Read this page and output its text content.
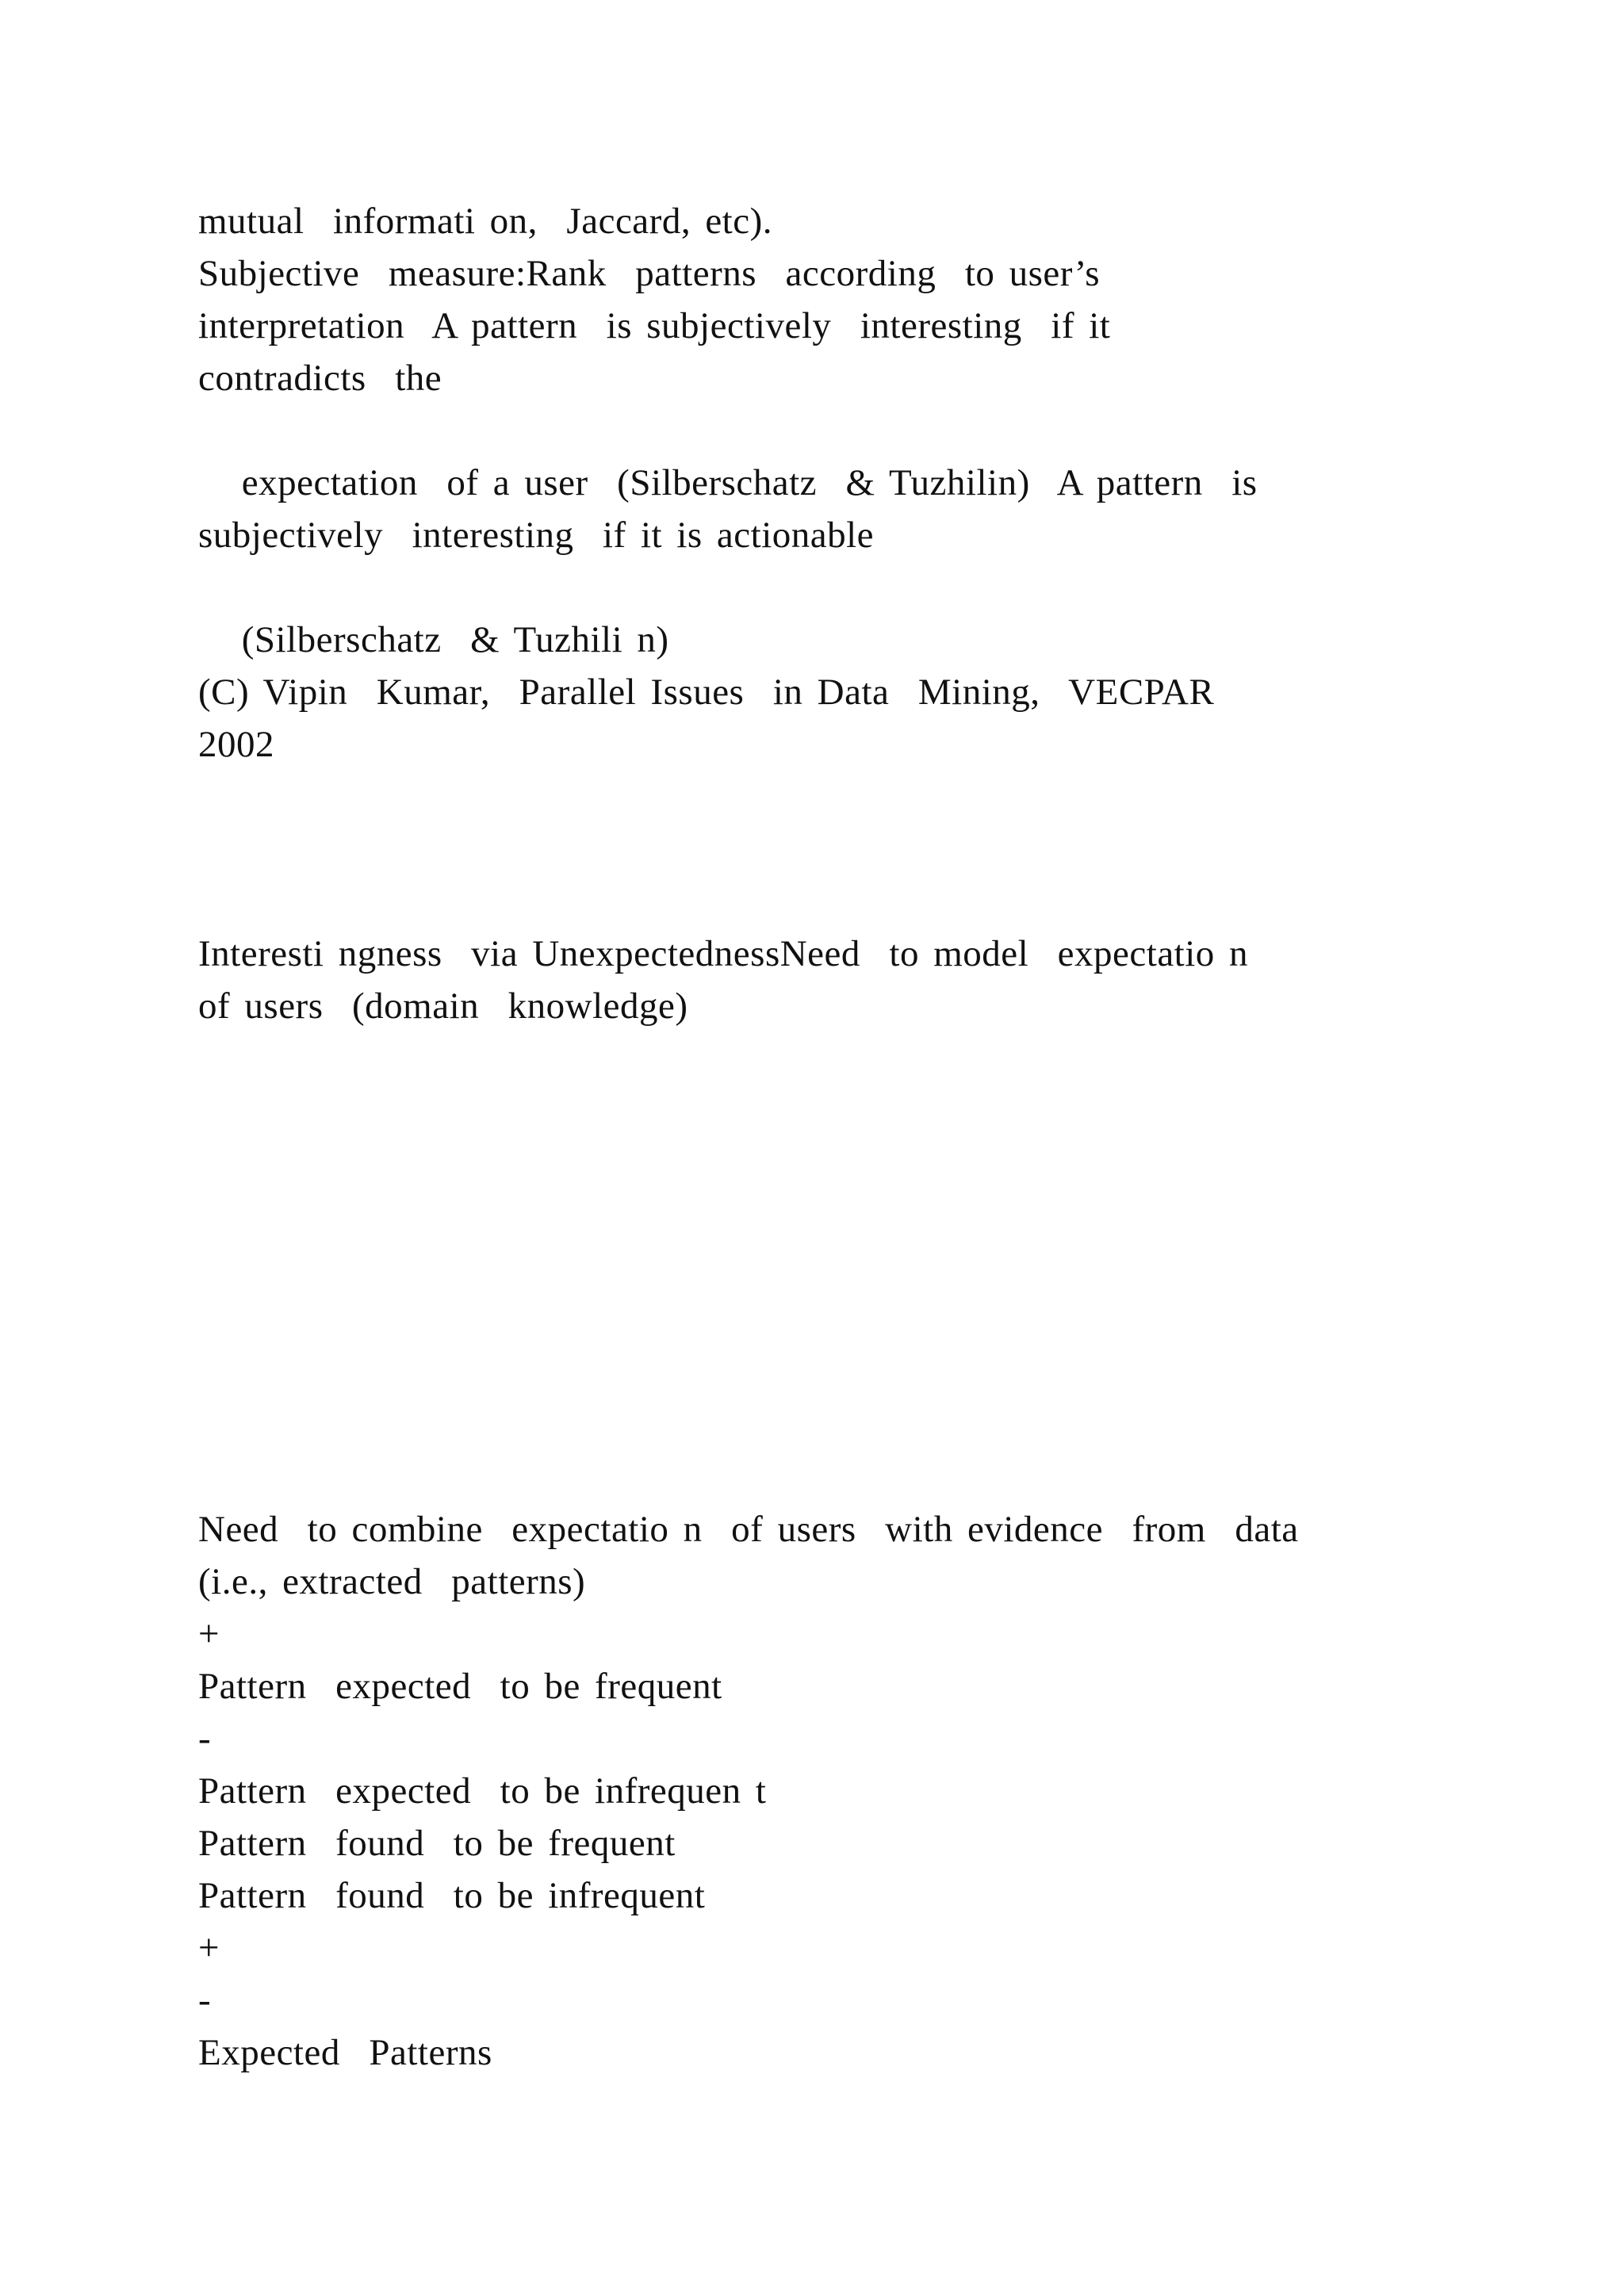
mutual  informati on,  Jaccard, etc).
Subjective  measure:Rank  patterns  according  to user’s
interpretation  A pattern  is subjectively  interesting  if it
contradicts  the
expectation  of a user  (Silberschatz  & Tuzhilin)  A pattern  is
subjectively  interesting  if it is actionable
(Silberschatz  & Tuzhili n)
(C) Vipin  Kumar,  Parallel Issues  in Data  Mining,  VECPAR
2002
Interesti ngness  via UnexpectednessNeed  to model  expectatio n
of users  (domain  knowledge)
Need  to combine  expectatio n  of users  with evidence  from  data
(i.e., extracted  patterns)
+
Pattern  expected  to be frequent
-
Pattern  expected  to be infrequen t
Pattern  found  to be frequent
Pattern  found  to be infrequent
+
-
Expected  Patterns
